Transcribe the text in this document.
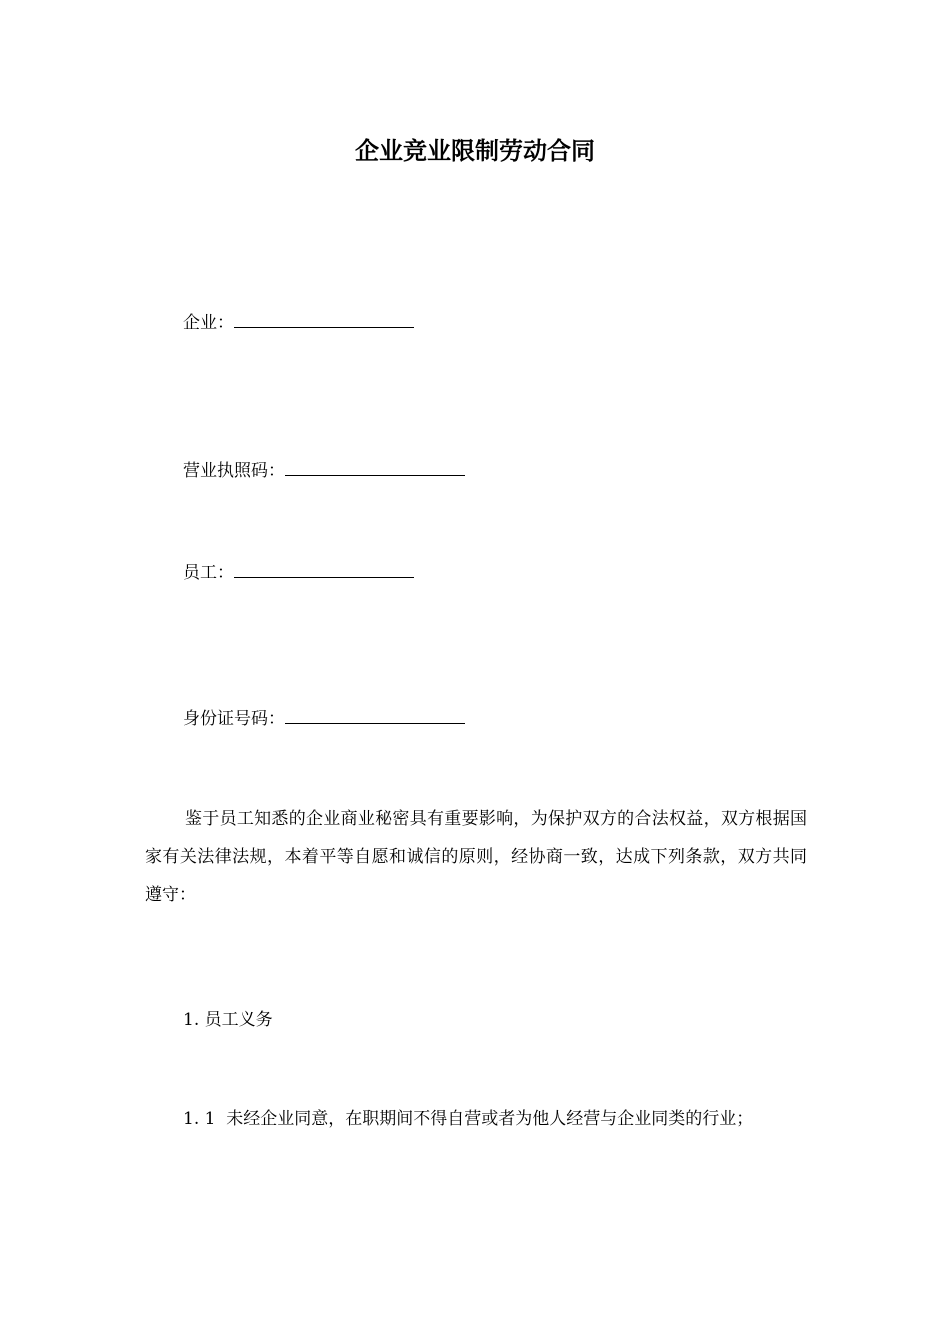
企业竞业限制劳动合同
企业：
营业执照码：
员工：
身份证号码：
鉴于员工知悉的企业商业秘密具有重要影响，为保护双方的合法权益，双方根据国家有关法律法规，本着平等自愿和诚信的原则，经协商一致，达成下列条款，双方共同遵守：
1. 员工义务
1. 1 未经企业同意，在职期间不得自营或者为他人经营与企业同类的行业；
